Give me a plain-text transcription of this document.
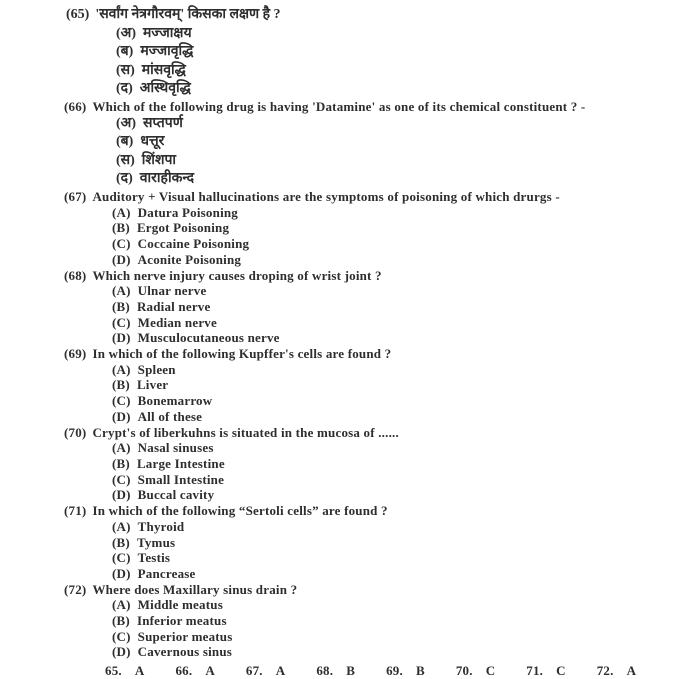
(65) 'सर्वांग नेत्रगौरवम्' किसका लक्षण है ?
(अ) मज्जाक्षय
(ब) मज्जावृद्धि
(स) मांसवृद्धि
(द) अस्थिवृद्धि
(66) Which of the following drug is having 'Datamine' as one of its chemical constituent ? -
(अ) सप्तपर्ण
(ब) धत्तूर
(स) शिंशपा
(द) वाराहीकन्द
(67) Auditory + Visual hallucinations are the symptoms of poisoning of which drurgs -
(A) Datura Poisoning
(B) Ergot Poisoning
(C) Coccaine Poisoning
(D) Aconite Poisoning
(68) Which nerve injury causes droping of wrist joint ?
(A) Ulnar nerve
(B) Radial nerve
(C) Median nerve
(D) Musculocutaneous nerve
(69) In which of the following Kupffer's cells are found ?
(A) Spleen
(B) Liver
(C) Bonemarrow
(D) All of these
(70) Crypt's of liberkuhns is situated in the mucosa of ......
(A) Nasal sinuses
(B) Large Intestine
(C) Small Intestine
(D) Buccal cavity
(71) In which of the following “Sertoli cells” are found ?
(A) Thyroid
(B) Tymus
(C) Testis
(D) Pancrease
(72) Where does Maxillary sinus drain ?
(A) Middle meatus
(B) Inferior meatus
(C) Superior meatus
(D) Cavernous sinus
65. A 66. A 67. A 68. B 69. B 70. C 71. C 72. A
